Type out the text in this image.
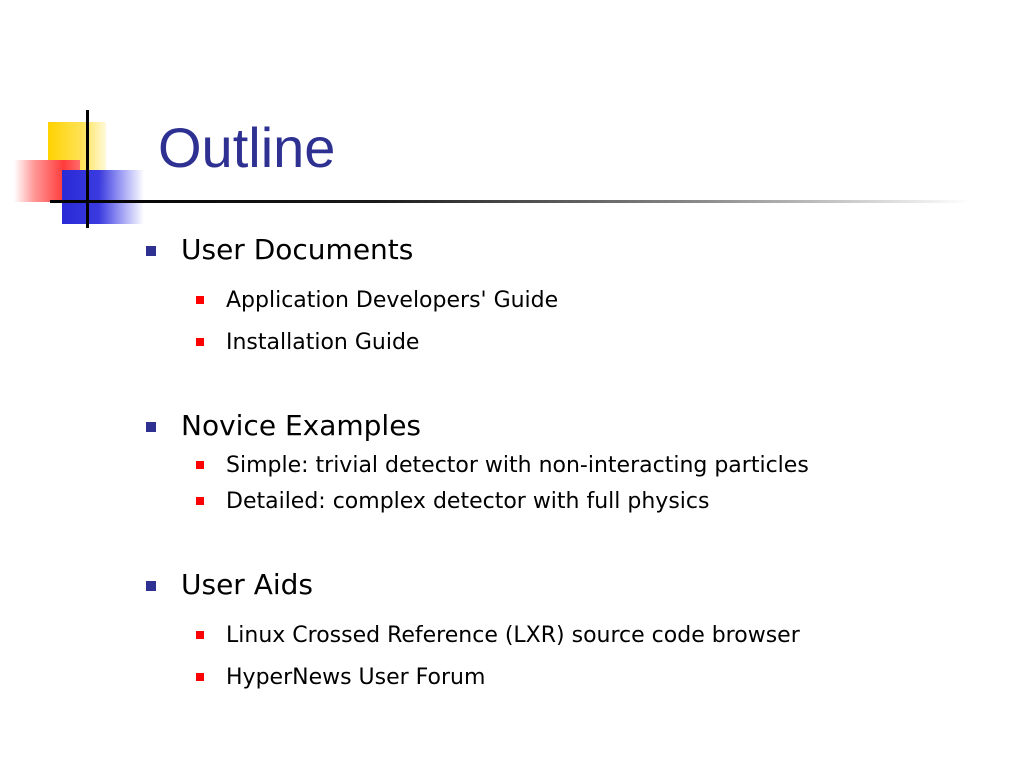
Outline
User Documents
Application Developers' Guide
Installation Guide
Novice Examples
Simple: trivial detector with non-interacting particles
Detailed: complex detector with full physics
User Aids
Linux Crossed Reference (LXR) source code browser
HyperNews User Forum
